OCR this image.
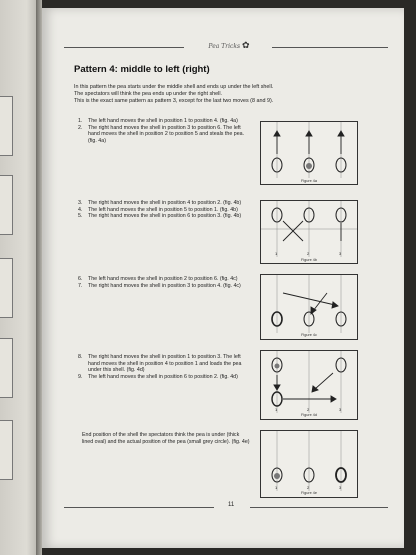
Pea Tricks ✿
Pattern 4: middle to left (right)
In this pattern the pea starts under the middle shell and ends up under the left shell.
The spectators will think the pea ends up under the right shell.
This is the exact same pattern as pattern 3, except for the last two moves (8 and 9).
1. The left hand moves the shell in position 1 to position 4. (fig. 4a)
2. The right hand moves the shell in position 3 to position 6. The left hand moves the shell in position 2 to position 5 and steals the pea. (fig. 4a)
Figure 4a
3. The right hand moves the shell in position 4 to position 2. (fig. 4b)
4. The left hand moves the shell in position 5 to position 1. (fig. 4b)
5. The right hand moves the shell in position 6 to position 3. (fig. 4b)
1	2	3
Figure 4b
6. The left hand moves the shell in position 2 to position 6. (fig. 4c)
7. The right hand moves the shell in position 3 to position 4. (fig. 4c)
Figure 4c
8. The right hand moves the shell in position 1 to position 3. The left hand moves the shell in position 4 to position 1 and loads the pea under this shell. (fig. 4d)
9. The left hand moves the shell in position 6 to position 2. (fig. 4d)
1	2	3
Figure 4d
End position of the shell the spectators think the pea is under (thick lined oval) and the actual position of the pea (small grey circle). (fig. 4e)
1	2	3
Figure 4e
11
